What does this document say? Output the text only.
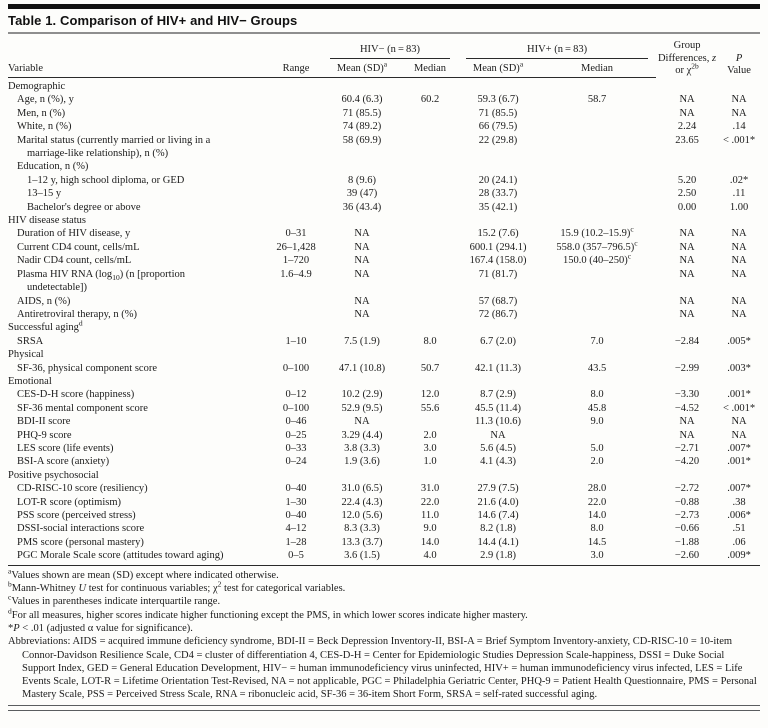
Table 1. Comparison of HIV+ and HIV− Groups

		HIV− (n = 83)		HIV+ (n = 83)		Group Differences, z or $\chi^{2b}$	P
Value
Variable	Range	Mean (SD)$^a$	Median	Mean (SD)$^a$	Median		

Demographic							

Age, n (%), y		60.4 (6.3)	60.2	59.3 (6.7)	58.7	NA	NA

Men, n (%)		71 (85.5)		71 (85.5)		NA	NA

White, n (%)		74 (89.2)		66 (79.5)		2.24	.14

Marital status (currently married or living in a
marriage-like relationship), n (%)		58 (69.9)		22 (29.8)		23.65	< .001*

Education, n (%)							

1–12 y, high school diploma, or GED		8 (9.6)		20 (24.1)		5.20	.02*

13–15 y		39 (47)		28 (33.7)		2.50	.11

Bachelor's degree or above		36 (43.4)		35 (42.1)		0.00	1.00

HIV disease status							

Duration of HIV disease, y	0–31	NA		15.2 (7.6)	15.9 $(10.2-15.9)^c$	NA	NA

Current CD4 count, cells/mL	26–1,428	NA		600.1 (294.1)	558.0 $(357-796.5)^c$	NA	NA

Nadir CD4 count, cells/mL	1–720	NA		167.4 (158.0)	150.0 $(40-250)^c$	NA	NA

Plasma HIV RNA $(\log_{10})$ (n [proportion
undetectable])	1.6–4.9	NA		71 (81.7)		NA	NA

AIDS, n (%)		NA		57 (68.7)		NA	NA

Antiretroviral therapy, n (%)		NA		72 (86.7)		NA	NA

Successful aging$^d$

SRSA	1–10	7.5 (1.9)	8.0	6.7 (2.0)	7.0	−2.84	.005*

Physical							

SF-36, physical component score	0–100	47.1 (10.8)	50.7	42.1 (11.3)	43.5	−2.99	.003*

Emotional							

CES-D-H score (happiness)	0–12	10.2 (2.9)	12.0	8.7 (2.9)	8.0	−3.30	.001*

SF-36 mental component score	0–100	52.9 (9.5)	55.6	45.5 (11.4)	45.8	−4.52	< .001*

BDI-II score	0–46	NA		11.3 (10.6)	9.0	NA	NA

PHQ-9 score	0–25	3.29 (4.4)	2.0	NA		NA	NA

LES score (life events)	0–33	3.8 (3.3)	3.0	5.6 (4.5)	5.0	−2.71	.007*

BSI-A score (anxiety)	0–24	1.9 (3.6)	1.0	4.1 (4.3)	2.0	−4.20	.001*

Positive psychosocial							

CD-RISC-10 score (resiliency)	0–40	31.0 (6.5)	31.0	27.9 (7.5)	28.0	−2.72	.007*

LOT-R score (optimism)	1–30	22.4 (4.3)	22.0	21.6 (4.0)	22.0	−0.88	.38

PSS score (perceived stress)	0–40	12.0 (5.6)	11.0	14.6 (7.4)	14.0	−2.73	.006*

DSSI-social interactions score	4–12	8.3 (3.3)	9.0	8.2 (1.8)	8.0	−0.66	.51

PMS score (personal mastery)	1–28	13.3 (3.7)	14.0	14.4 (4.1)	14.5	−1.88	.06

PGC Morale Scale score (attitudes toward aging)	0–5	3.6 (1.5)	4.0	2.9 (1.8)	3.0	−2.60	.009*
$^a$Values shown are mean (SD) except where indicated otherwise.
$^b$Mann-Whitney U test for continuous variables; $\chi^2$ test for categorical variables.
$^c$Values in parentheses indicate interquartile range.
$^d$For all measures, higher scores indicate higher functioning except the PMS, in which lower scores indicate higher mastery.
*P < .01 (adjusted α value for significance).
Abbreviations: AIDS = acquired immune deficiency syndrome, BDI-II = Beck Depression Inventory-II, BSI-A = Brief Symptom Inventory-anxiety, CD-RISC-10 = 10-item Connor-Davidson Resilience Scale, CD4 = cluster of differentiation 4, CES-D-H = Center for Epidemiologic Studies Depression Scale-happiness, DSSI = Duke Social Support Index, GED = General Education Development, HIV− = human immunodeficiency virus uninfected, HIV+ = human immunodeficiency virus infected, LES = Life Events Scale, LOT-R = Lifetime Orientation Test-Revised, NA = not applicable, PGC = Philadelphia Geriatric Center, PHQ-9 = Patient Health Questionnaire, PMS = Personal Mastery Scale, PSS = Perceived Stress Scale, RNA = ribonucleic acid, SF-36 = 36-item Short Form, SRSA = self-rated successful aging.
